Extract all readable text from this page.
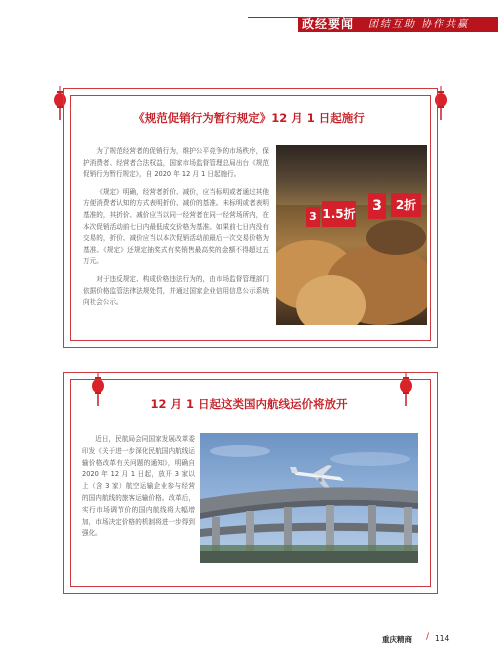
政经要闻 团结互助 协作共赢
《规范促销行为暂行规定》12 月 1 日起施行

为了规范经营者的促销行为，维护公平竞争的市场秩序，保护消费者、经营者合法权益，国家市场监督管理总局出台《规范促销行为暂行规定》，自 2020 年 12 月 1 日起施行。

《规定》明确，经营者折价、减价，应当标明或者通过其他方便消费者认知的方式表明折价、减价的基准。未标明或者表明基准的，其折价、减价应当以同一经营者在同一经营场所内，在本次促销活动前七日内最低成交价格为基准。如果前七日内没有交易的，折价、减价应当以本次促销活动前最后一次交易价格为基准。《规定》还规定抽奖式有奖销售最高奖的金额不得超过五万元。

对于违反规定、构成价格违法行为的，由市场监督管理部门依据价格监管法律法规处罚，并通过国家企业信用信息公示系统向社会公示。

3 1.5折 3	2折
12 月 1 日起这类国内航线运价将放开

近日，民航局会同国家发展改革委印发《关于进一步深化民航国内航线运输价格改革有关问题的通知》，明确自 2020 年 12 月 1 日起，放开 3 家以上（含 3 家）航空运输企业参与经营的国内航线的旅客运输价格。改革后，实行市场调节价的国内航线将大幅增加，市场决定价格的机制将进一步得到强化。

重庆精商 / 114
